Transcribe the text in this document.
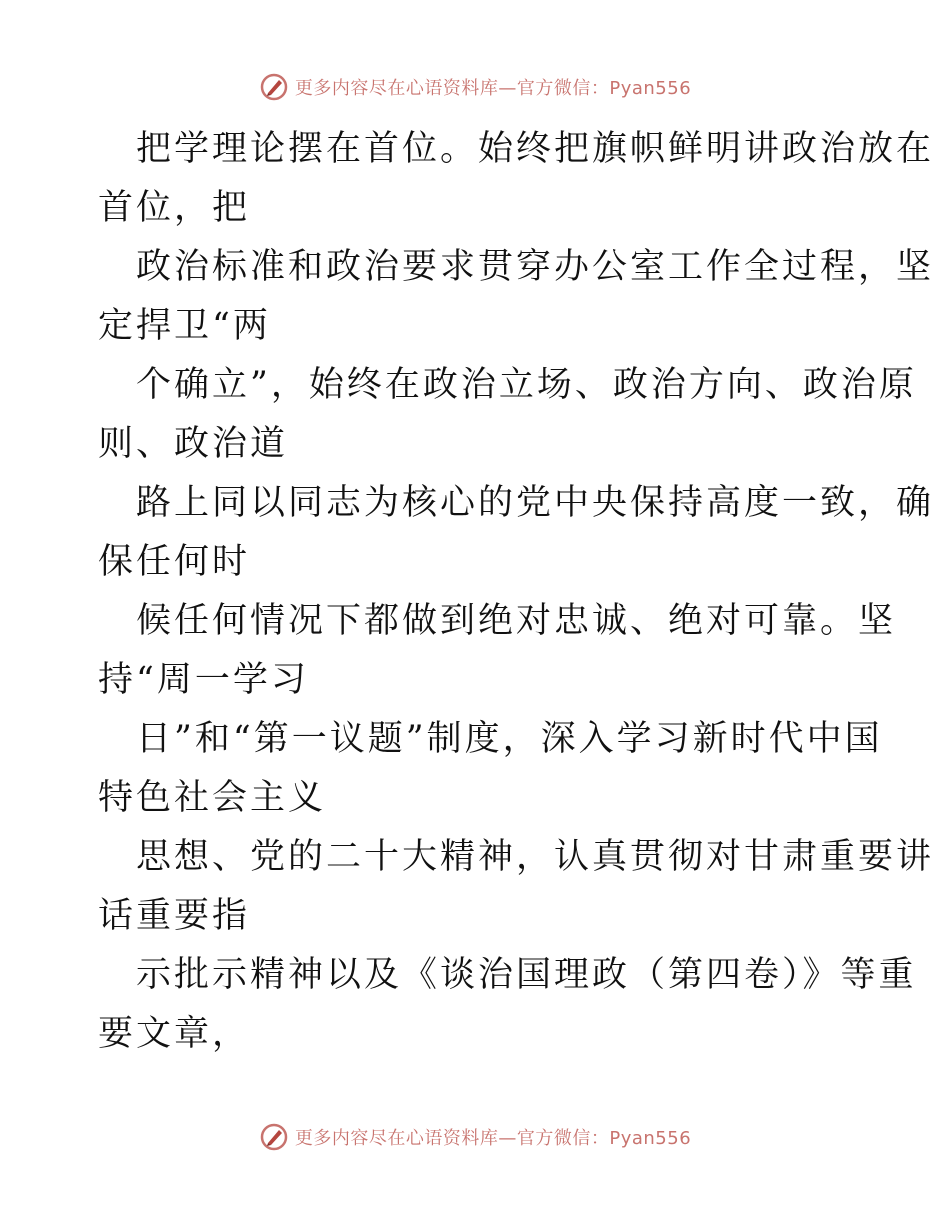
更多内容尽在心语资料库—官方微信：Pyan556
把学理论摆在首位。始终把旗帜鲜明讲政治放在
首位，把
政治标准和政治要求贯穿办公室工作全过程，坚
定捍卫“两
个确立”，始终在政治立场、政治方向、政治原
则、政治道
路上同以同志为核心的党中央保持高度一致，确
保任何时
候任何情况下都做到绝对忠诚、绝对可靠。坚
持“周一学习
日”和“第一议题”制度，深入学习新时代中国
特色社会主义
思想、党的二十大精神，认真贯彻对甘肃重要讲
话重要指
示批示精神以及《谈治国理政（第四卷）》等重
要文章，
更多内容尽在心语资料库—官方微信：Pyan556
